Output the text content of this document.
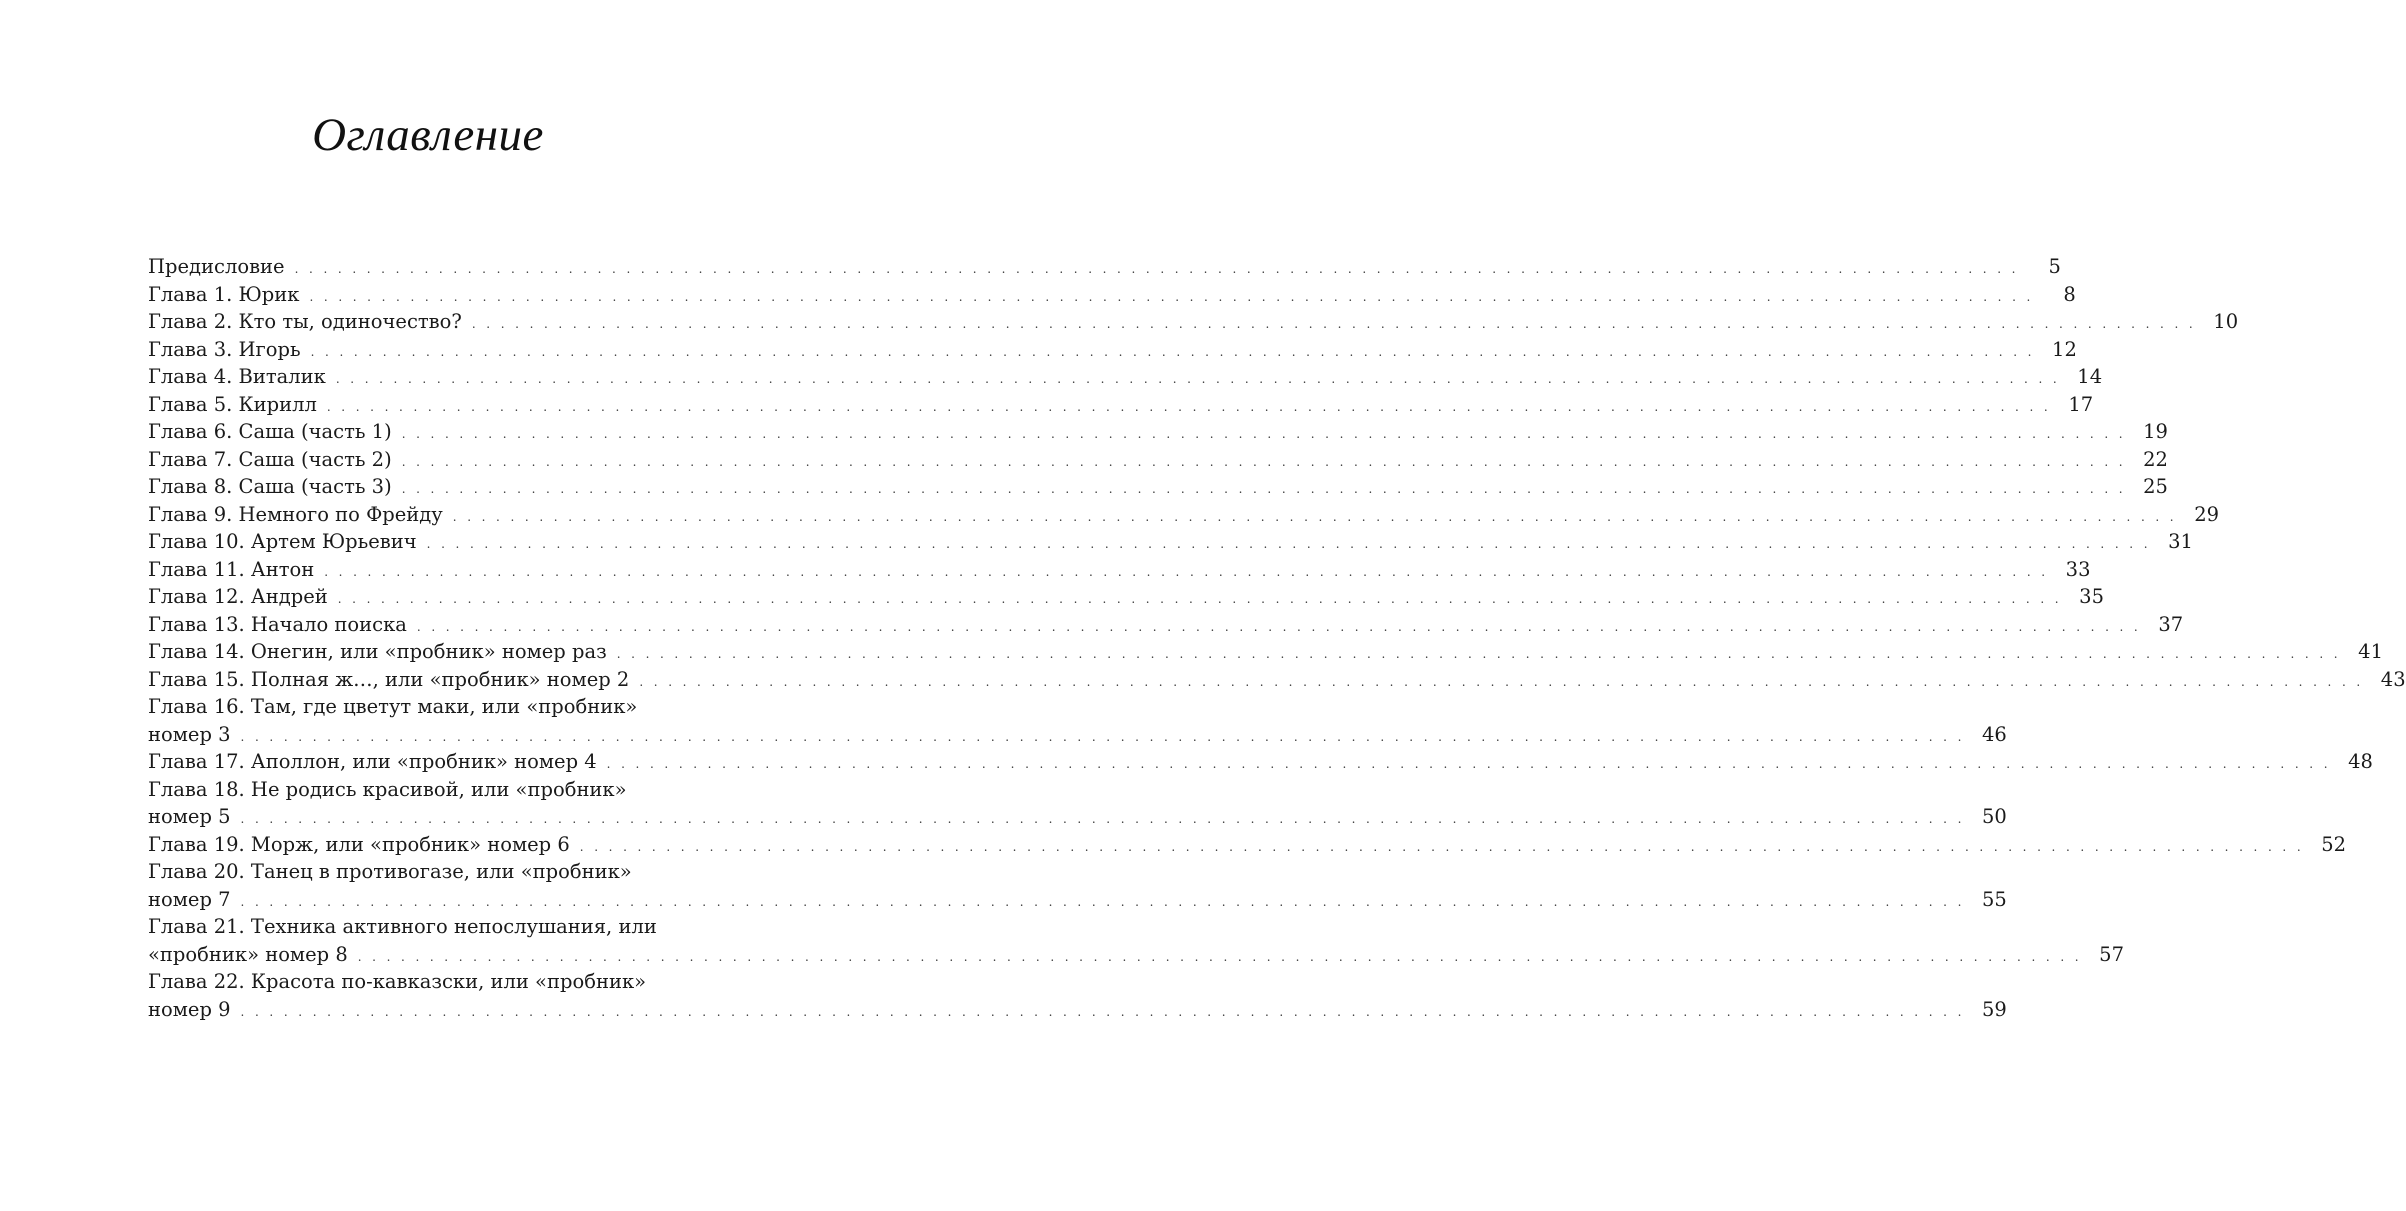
Оглавление
Предисловие . . . . . . . . . . . . . . . . . . . . . . . . . . . . . . . . . . . . . . . . . . . . . . . . . . . . . . . . . . . . . . . . . . . . . . . . . . . . . . . . . . . . . . . . . . . . . . . . . . . . . . . . . . . . . . . . . . . . . . . .	5
Глава 1. Юрик . . . . . . . . . . . . . . . . . . . . . . . . . . . . . . . . . . . . . . . . . . . . . . . . . . . . . . . . . . . . . . . . . . . . . . . . . . . . . . . . . . . . . . . . . . . . . . . . . . . . . . . . . . . . . . . . . . . . . . . .	8
Глава 2. Кто ты, одиночество? . . . . . . . . . . . . . . . . . . . . . . . . . . . . . . . . . . . . . . . . . . . . . . . . . . . . . . . . . . . . . . . . . . . . . . . . . . . . . . . . . . . . . . . . . . . . . . . . . . . . . . . . . . . . . . . . . . . . . . . . 10
Глава 3. Игорь . . . . . . . . . . . . . . . . . . . . . . . . . . . . . . . . . . . . . . . . . . . . . . . . . . . . . . . . . . . . . . . . . . . . . . . . . . . . . . . . . . . . . . . . . . . . . . . . . . . . . . . . . . . . . . . . . . . . . . . . 12
Глава 4. Виталик . . . . . . . . . . . . . . . . . . . . . . . . . . . . . . . . . . . . . . . . . . . . . . . . . . . . . . . . . . . . . . . . . . . . . . . . . . . . . . . . . . . . . . . . . . . . . . . . . . . . . . . . . . . . . . . . . . . . . . . . 14
Глава 5. Кирилл . . . . . . . . . . . . . . . . . . . . . . . . . . . . . . . . . . . . . . . . . . . . . . . . . . . . . . . . . . . . . . . . . . . . . . . . . . . . . . . . . . . . . . . . . . . . . . . . . . . . . . . . . . . . . . . . . . . . . . . . 17
Глава 6. Саша (часть 1) . . . . . . . . . . . . . . . . . . . . . . . . . . . . . . . . . . . . . . . . . . . . . . . . . . . . . . . . . . . . . . . . . . . . . . . . . . . . . . . . . . . . . . . . . . . . . . . . . . . . . . . . . . . . . . . . . . . . . . . . 19
Глава 7. Саша (часть 2) . . . . . . . . . . . . . . . . . . . . . . . . . . . . . . . . . . . . . . . . . . . . . . . . . . . . . . . . . . . . . . . . . . . . . . . . . . . . . . . . . . . . . . . . . . . . . . . . . . . . . . . . . . . . . . . . . . . . . . . . 22
Глава 8. Саша (часть 3) . . . . . . . . . . . . . . . . . . . . . . . . . . . . . . . . . . . . . . . . . . . . . . . . . . . . . . . . . . . . . . . . . . . . . . . . . . . . . . . . . . . . . . . . . . . . . . . . . . . . . . . . . . . . . . . . . . . . . . . . 25
Глава 9. Немного по Фрейду . . . . . . . . . . . . . . . . . . . . . . . . . . . . . . . . . . . . . . . . . . . . . . . . . . . . . . . . . . . . . . . . . . . . . . . . . . . . . . . . . . . . . . . . . . . . . . . . . . . . . . . . . . . . . . . . . . . . . . . . 29
Глава 10. Артем Юрьевич . . . . . . . . . . . . . . . . . . . . . . . . . . . . . . . . . . . . . . . . . . . . . . . . . . . . . . . . . . . . . . . . . . . . . . . . . . . . . . . . . . . . . . . . . . . . . . . . . . . . . . . . . . . . . . . . . . . . . . . . 31
Глава 11. Антон . . . . . . . . . . . . . . . . . . . . . . . . . . . . . . . . . . . . . . . . . . . . . . . . . . . . . . . . . . . . . . . . . . . . . . . . . . . . . . . . . . . . . . . . . . . . . . . . . . . . . . . . . . . . . . . . . . . . . . . . 33
Глава 12. Андрей . . . . . . . . . . . . . . . . . . . . . . . . . . . . . . . . . . . . . . . . . . . . . . . . . . . . . . . . . . . . . . . . . . . . . . . . . . . . . . . . . . . . . . . . . . . . . . . . . . . . . . . . . . . . . . . . . . . . . . . . 35
Глава 13. Начало поиска . . . . . . . . . . . . . . . . . . . . . . . . . . . . . . . . . . . . . . . . . . . . . . . . . . . . . . . . . . . . . . . . . . . . . . . . . . . . . . . . . . . . . . . . . . . . . . . . . . . . . . . . . . . . . . . . . . . . . . . . 37
Глава 14. Онегин, или «пробник» номер раз . . . . . . . . . . . . . . . . . . . . . . . . . . . . . . . . . . . . . . . . . . . . . . . . . . . . . . . . . . . . . . . . . . . . . . . . . . . . . . . . . . . . . . . . . . . . . . . . . . . . . . . . . . . . . . . . . . . . . . . . 41
Глава 15. Полная ж…, или «пробник» номер 2 . . . . . . . . . . . . . . . . . . . . . . . . . . . . . . . . . . . . . . . . . . . . . . . . . . . . . . . . . . . . . . . . . . . . . . . . . . . . . . . . . . . . . . . . . . . . . . . . . . . . . . . . . . . . . . . . . . . . . . . . 43
Глава 16. Там, где цветут маки, или «пробник»
номер 3 . . . . . . . . . . . . . . . . . . . . . . . . . . . . . . . . . . . . . . . . . . . . . . . . . . . . . . . . . . . . . . . . . . . . . . . . . . . . . . . . . . . . . . . . . . . . . . . . . . . . . . . . . . . . . . . . . . . . . . . . 46
Глава 17. Аполлон, или «пробник» номер 4 . . . . . . . . . . . . . . . . . . . . . . . . . . . . . . . . . . . . . . . . . . . . . . . . . . . . . . . . . . . . . . . . . . . . . . . . . . . . . . . . . . . . . . . . . . . . . . . . . . . . . . . . . . . . . . . . . . . . . . . . 48
Глава 18. Не родись красивой, или «пробник»
номер 5 . . . . . . . . . . . . . . . . . . . . . . . . . . . . . . . . . . . . . . . . . . . . . . . . . . . . . . . . . . . . . . . . . . . . . . . . . . . . . . . . . . . . . . . . . . . . . . . . . . . . . . . . . . . . . . . . . . . . . . . . 50
Глава 19. Морж, или «пробник» номер 6 . . . . . . . . . . . . . . . . . . . . . . . . . . . . . . . . . . . . . . . . . . . . . . . . . . . . . . . . . . . . . . . . . . . . . . . . . . . . . . . . . . . . . . . . . . . . . . . . . . . . . . . . . . . . . . . . . . . . . . . . 52
Глава 20. Танец в противогазе, или «пробник»
номер 7 . . . . . . . . . . . . . . . . . . . . . . . . . . . . . . . . . . . . . . . . . . . . . . . . . . . . . . . . . . . . . . . . . . . . . . . . . . . . . . . . . . . . . . . . . . . . . . . . . . . . . . . . . . . . . . . . . . . . . . . . 55
Глава 21. Техника активного непослушания, или
«пробник» номер 8 . . . . . . . . . . . . . . . . . . . . . . . . . . . . . . . . . . . . . . . . . . . . . . . . . . . . . . . . . . . . . . . . . . . . . . . . . . . . . . . . . . . . . . . . . . . . . . . . . . . . . . . . . . . . . . . . . . . . . . . . 57
Глава 22. Красота по-кавказски, или «пробник»
номер 9 . . . . . . . . . . . . . . . . . . . . . . . . . . . . . . . . . . . . . . . . . . . . . . . . . . . . . . . . . . . . . . . . . . . . . . . . . . . . . . . . . . . . . . . . . . . . . . . . . . . . . . . . . . . . . . . . . . . . . . . . 59
